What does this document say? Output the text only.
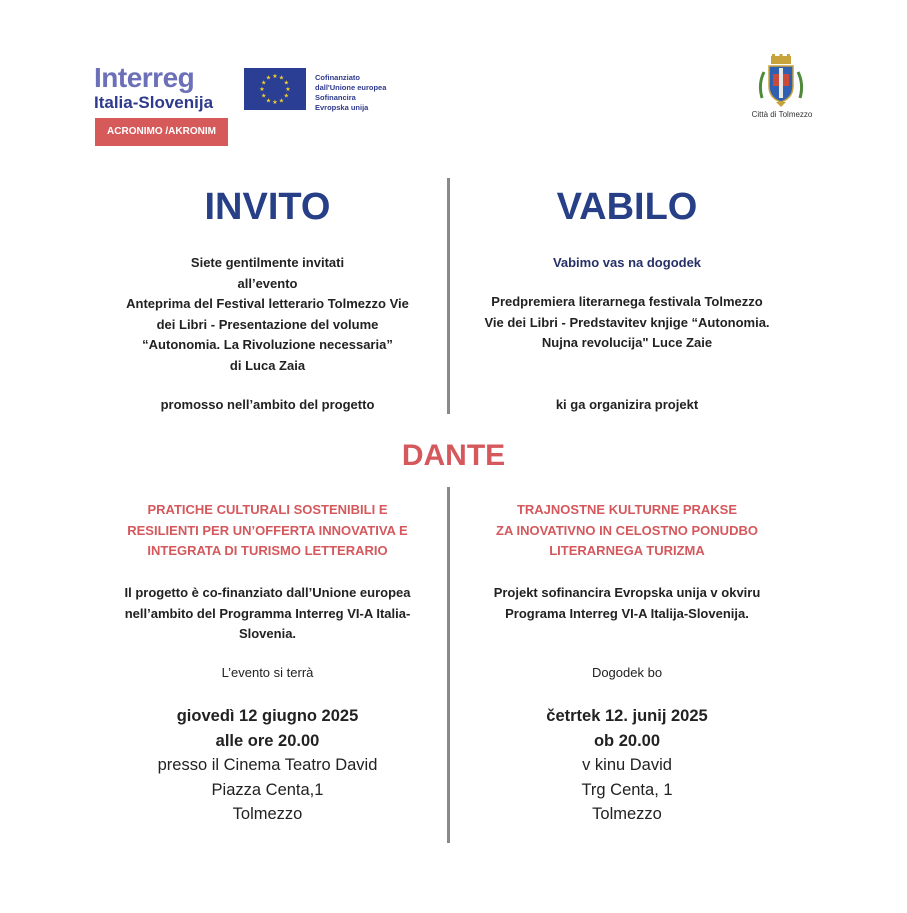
Interreg
Italia-Slovenija
ACRONIMO /AKRONIM
★ ★
★
★
★
★
★
★
★
★
★
★	Cofinanziato
dall'Unione europea
Sofinancira
Evropska unija
Città di Tolmezzo
INVITO
Siete gentilmente invitati
all’evento
Anteprima del Festival letterario Tolmezzo Vie
dei Libri - Presentazione del volume
“Autonomia. La Rivoluzione necessaria”
di Luca Zaia
promosso nell’ambito del progetto
VABILO
Vabimo vas na dogodek
Predpremiera literarnega festivala Tolmezzo
Vie dei Libri - Predstavitev knjige “Autonomia.
Nujna revolucija" Luce Zaie
ki ga organizira projekt
DANTE
PRATICHE CULTURALI SOSTENIBILI E
RESILIENTI PER UN’OFFERTA INNOVATIVA E
INTEGRATA DI TURISMO LETTERARIO
TRAJNOSTNE KULTURNE PRAKSE
ZA INOVATIVNO IN CELOSTNO PONUDBO
LITERARNEGA TURIZMA
Il progetto è co-finanziato dall’Unione europea
nell’ambito del Programma Interreg VI-A Italia-
Slovenia.
Projekt sofinancira Evropska unija v okviru
Programa Interreg VI-A Italija-Slovenija.
L’evento si terrà	Dogodek bo
giovedì 12 giugno 2025
alle ore 20.00
presso il Cinema Teatro David
Piazza Centa,1
Tolmezzo
četrtek 12. junij 2025
ob 20.00
v kinu David
Trg Centa, 1
Tolmezzo
